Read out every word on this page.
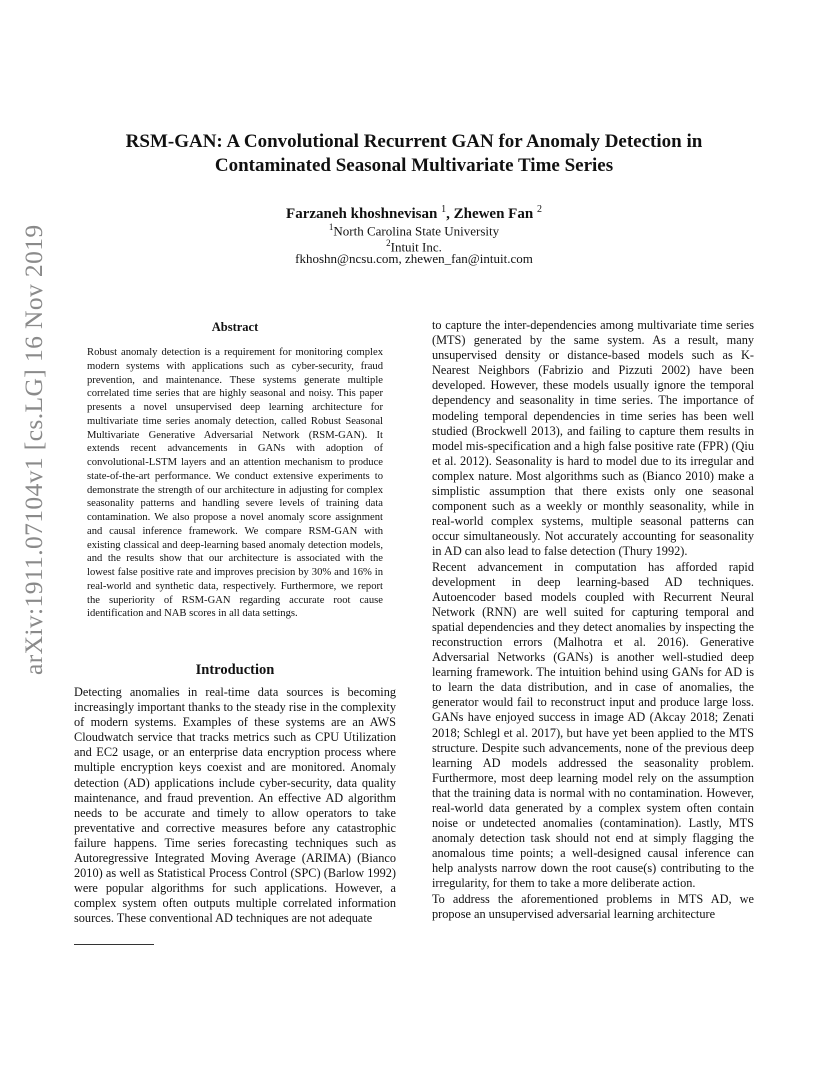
arXiv:1911.07104v1 [cs.LG] 16 Nov 2019
RSM-GAN: A Convolutional Recurrent GAN for Anomaly Detection in
Contaminated Seasonal Multivariate Time Series
Farzaneh khoshnevisan $^1$, Zhewen Fan $^2$
$^1$North Carolina State University
$^2$Intuit Inc.
fkhoshn@ncsu.com, zhewen_fan@intuit.com
Abstract

Robust anomaly detection is a requirement for monitoring complex modern systems with applications such as cyber-security, fraud prevention, and maintenance. These systems generate multiple correlated time series that are highly seasonal and noisy. This paper presents a novel unsupervised deep learning architecture for multivariate time series anomaly detection, called Robust Seasonal Multivariate Generative Adversarial Network (RSM-GAN). It extends recent advancements in GANs with adoption of convolutional-LSTM layers and an attention mechanism to produce state-of-the-art performance. We conduct extensive experiments to demonstrate the strength of our architecture in adjusting for complex seasonality patterns and handling severe levels of training data contamination. We also propose a novel anomaly score assignment and causal inference framework. We compare RSM-GAN with existing classical and deep-learning based anomaly detection models, and the results show that our architecture is associated with the lowest false positive rate and improves precision by 30% and 16% in real-world and synthetic data, respectively. Furthermore, we report the superiority of RSM-GAN regarding accurate root cause identification and NAB scores in all data settings.

Introduction

Detecting anomalies in real-time data sources is becoming increasingly important thanks to the steady rise in the complexity of modern systems. Examples of these systems are an AWS Cloudwatch service that tracks metrics such as CPU Utilization and EC2 usage, or an enterprise data encryption process where multiple encryption keys coexist and are monitored. Anomaly detection (AD) applications include cyber-security, data quality maintenance, and fraud prevention. An effective AD algorithm needs to be accurate and timely to allow operators to take preventative and corrective measures before any catastrophic failure happens. Time series forecasting techniques such as Autoregressive Integrated Moving Average (ARIMA) (Bianco 2010) as well as Statistical Process Control (SPC) (Barlow 1992) were popular algorithms for such applications. However, a complex system often outputs multiple correlated information sources. These conventional AD techniques are not adequate

to capture the inter-dependencies among multivariate time series (MTS) generated by the same system. As a result, many unsupervised density or distance-based models such as K-Nearest Neighbors (Fabrizio and Pizzuti 2002) have been developed. However, these models usually ignore the temporal dependency and seasonality in time series. The importance of modeling temporal dependencies in time series has been well studied (Brockwell 2013), and failing to capture them results in model mis-specification and a high false positive rate (FPR) (Qiu et al. 2012). Seasonality is hard to model due to its irregular and complex nature. Most algorithms such as (Bianco 2010) make a simplistic assumption that there exists only one seasonal component such as a weekly or monthly seasonality, while in real-world complex systems, multiple seasonal patterns can occur simultaneously. Not accurately accounting for seasonality in AD can also lead to false detection (Thury 1992).

Recent advancement in computation has afforded rapid development in deep learning-based AD techniques. Autoencoder based models coupled with Recurrent Neural Network (RNN) are well suited for capturing temporal and spatial dependencies and they detect anomalies by inspecting the reconstruction errors (Malhotra et al. 2016). Generative Adversarial Networks (GANs) is another well-studied deep learning framework. The intuition behind using GANs for AD is to learn the data distribution, and in case of anomalies, the generator would fail to reconstruct input and produce large loss. GANs have enjoyed success in image AD (Akcay 2018; Zenati 2018; Schlegl et al. 2017), but have yet been applied to the MTS structure. Despite such advancements, none of the previous deep learning AD models addressed the seasonality problem. Furthermore, most deep learning model rely on the assumption that the training data is normal with no contamination. However, real-world data generated by a complex system often contain noise or undetected anomalies (contamination). Lastly, MTS anomaly detection task should not end at simply flagging the anomalous time points; a well-designed causal inference can help analysts narrow down the root cause(s) contributing to the irregularity, for them to take a more deliberate action.

To address the aforementioned problems in MTS AD, we propose an unsupervised adversarial learning architecture
